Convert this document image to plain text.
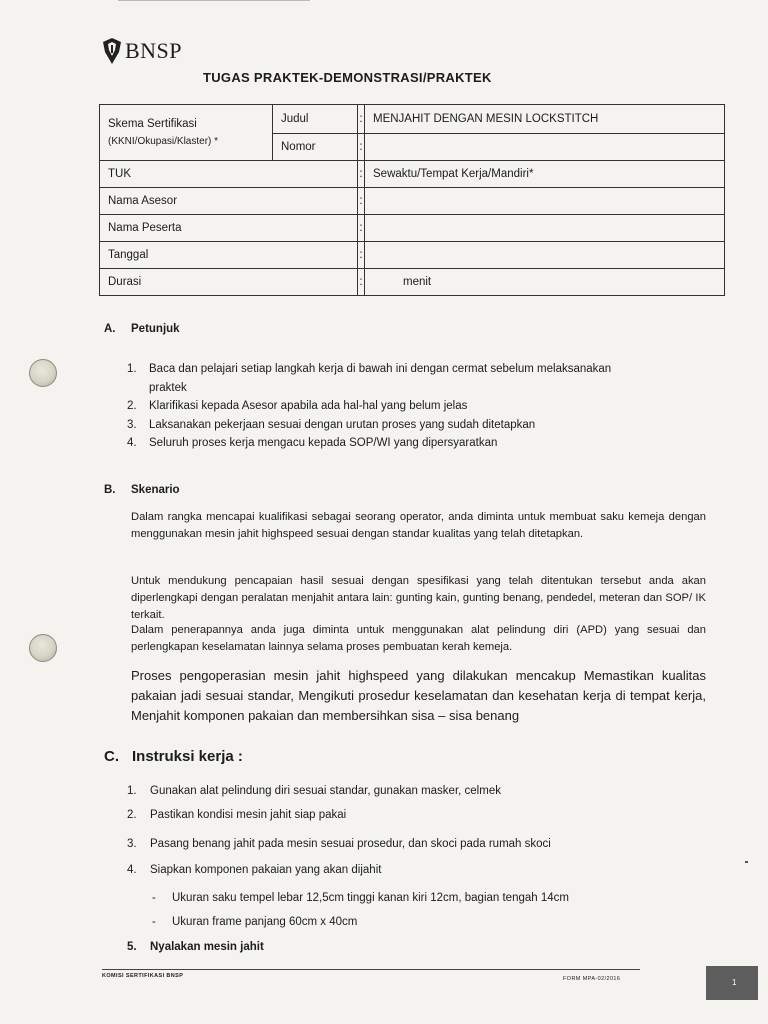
BNSP
TUGAS PRAKTEK-DEMONSTRASI/PRAKTEK
Skema Sertifikasi
(KKNI/Okupasi/Klaster) *	Judul	:	MENJAHIT DENGAN MESIN LOCKSTITCH
	Nomor	:	
TUK		:	Sewaktu/Tempat Kerja/Mandiri*
Nama Asesor		:	
Nama Peserta		:	
Tanggal		:	
Durasi		:	menit
A. Petunjuk
1. Baca dan pelajari setiap langkah kerja di bawah ini dengan cermat sebelum melaksanakan
praktek
2. Klarifikasi kepada Asesor apabila ada hal-hal yang belum jelas
3. Laksanakan pekerjaan sesuai dengan urutan proses yang sudah ditetapkan
4. Seluruh proses kerja mengacu kepada SOP/WI yang dipersyaratkan
B. Skenario

Dalam rangka mencapai kualifikasi sebagai seorang operator, anda diminta untuk membuat saku kemeja dengan menggunakan mesin jahit highspeed sesuai dengan standar kualitas yang telah ditetapkan.

Untuk mendukung pencapaian hasil sesuai dengan spesifikasi yang telah ditentukan tersebut anda akan diperlengkapi dengan peralatan menjahit antara lain: gunting kain, gunting benang, pendedel, meteran dan SOP/ IK terkait.

Dalam penerapannya anda juga diminta untuk menggunakan alat pelindung diri (APD) yang sesuai dan perlengkapan keselamatan lainnya selama proses pembuatan kerah kemeja.

Proses pengoperasian mesin jahit highspeed yang dilakukan mencakup Memastikan kualitas pakaian jadi sesuai standar, Mengikuti prosedur keselamatan dan kesehatan kerja di tempat kerja, Menjahit komponen pakaian dan membersihkan sisa – sisa benang

C. Instruksi kerja :
1. Gunakan alat pelindung diri sesuai standar, gunakan masker, celmek
2. Pastikan kondisi mesin jahit siap pakai
3. Pasang benang jahit pada mesin sesuai prosedur, dan skoci pada rumah skoci
4. Siapkan komponen pakaian yang akan dijahit
- Ukuran saku tempel lebar 12,5cm tinggi kanan kiri 12cm, bagian tengah 14cm
- Ukuran frame panjang 60cm x 40cm
5. Nyalakan mesin jahit
KOMISI SERTIFIKASI BNSP	FORM MPA-02/2016	1
